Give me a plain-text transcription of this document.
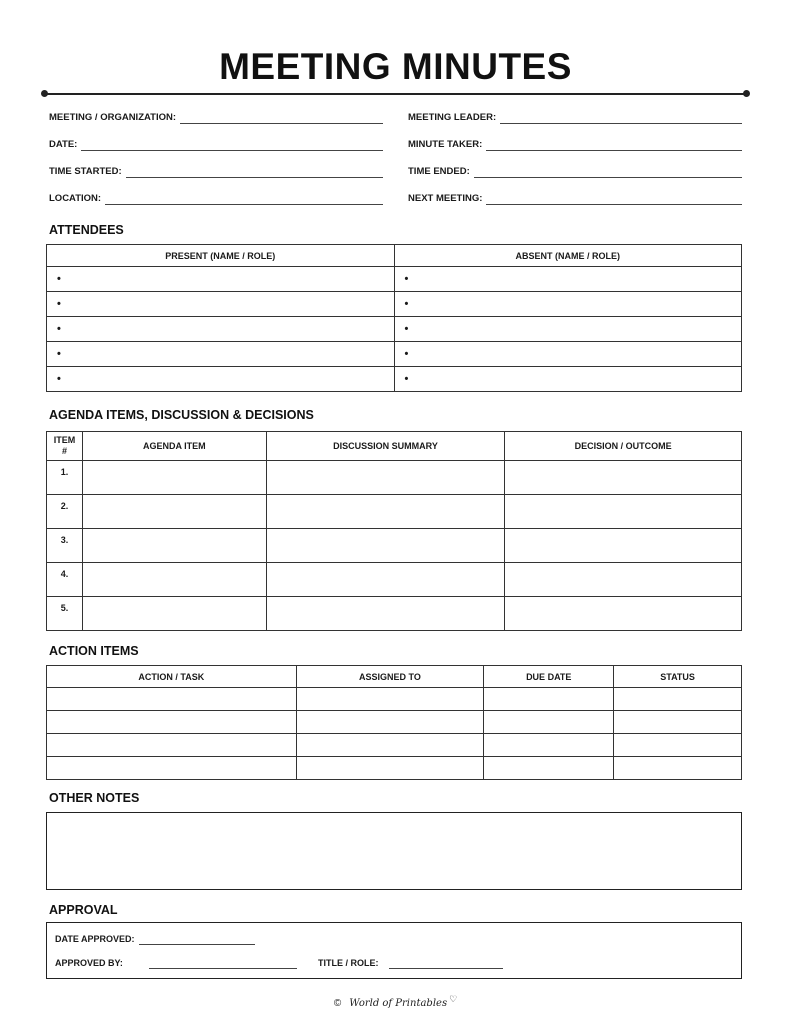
MEETING MINUTES
MEETING / ORGANIZATION:
DATE:
TIME STARTED:
LOCATION:
MEETING LEADER:
MINUTE TAKER:
TIME ENDED:
NEXT MEETING:
ATTENDEES
PRESENT (NAME / ROLE)	ABSENT (NAME / ROLE)
•	•
•	•
•	•
•	•
•	•
AGENDA ITEMS, DISCUSSION & DECISIONS
ITEM
#	AGENDA ITEM	DISCUSSION SUMMARY	DECISION / OUTCOME
1.			
2.			
3.			
4.			
5.			
ACTION ITEMS
ACTION / TASK	ASSIGNED TO	DUE DATE	STATUS

OTHER NOTES
APPROVAL
DATE APPROVED:
APPROVED BY:	TITLE / ROLE:
© World of Printables ♡
